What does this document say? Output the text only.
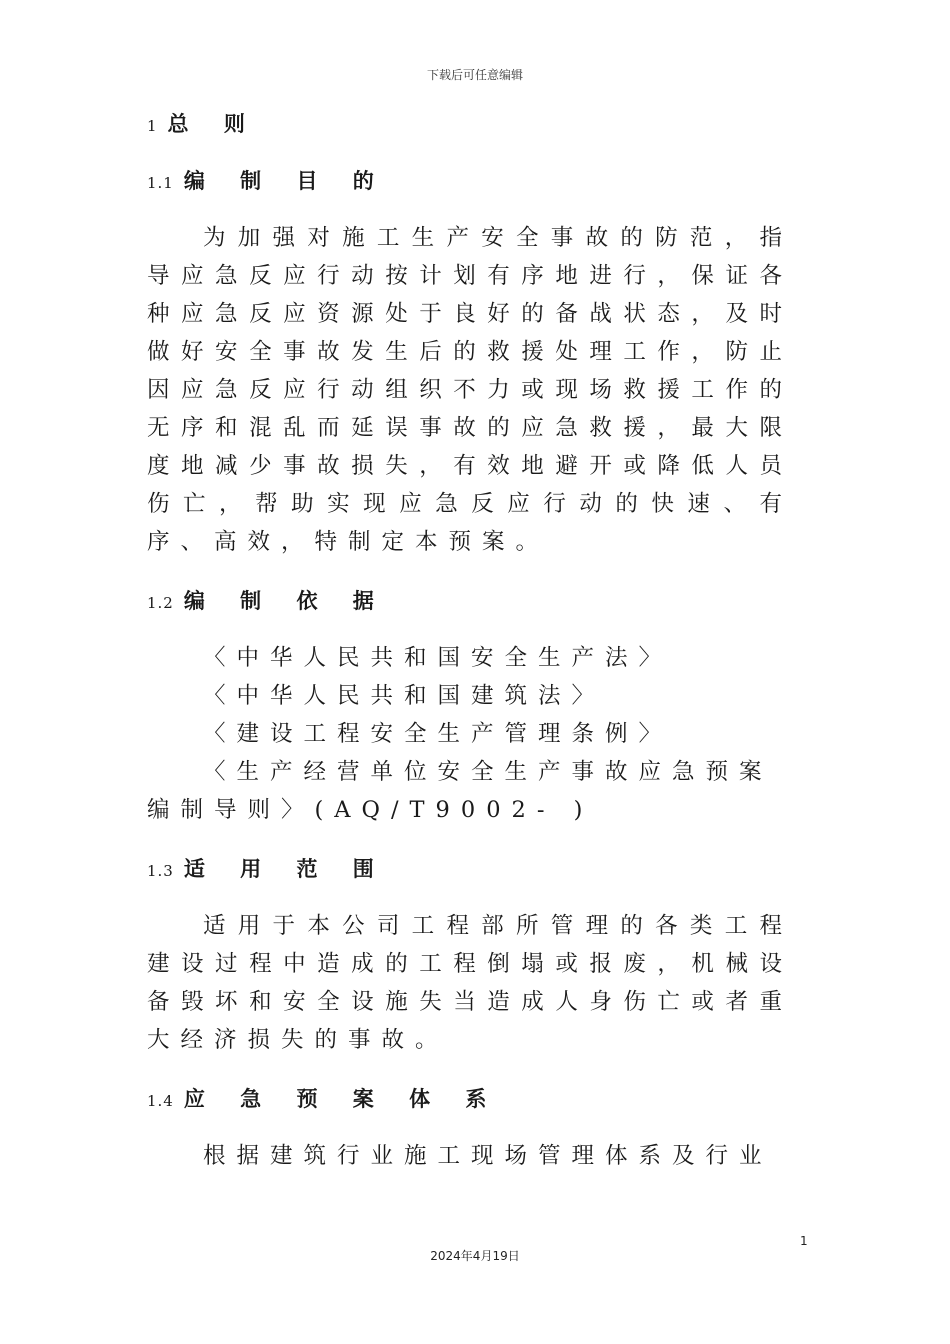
下载后可任意编辑
1 总 则
1.1 编 制 目 的

为加强对施工生产安全事故的防范，指导应急反应行动按计划有序地进行，保证各种应急反应资源处于良好的备战状态，及时做好安全事故发生后的救援处理工作，防止因应急反应行动组织不力或现场救援工作的无序和混乱而延误事故的应急救援，最大限度地减少事故损失，有效地避开或降低人员伤亡，帮助实现应急反应行动的快速、有序、高效，特制定本预案。

1.2 编 制 依 据
〈中华人民共和国安全生产法〉
〈中华人民共和国建筑法〉
〈建设工程安全生产管理条例〉
〈生产经营单位安全生产事故应急预案编制导则〉(AQ/T9002- )
1.3 适 用 范 围

适用于本公司工程部所管理的各类工程建设过程中造成的工程倒塌或报废，机械设备毁坏和安全设施失当造成人身伤亡或者重大经济损失的事故。

1.4 应 急 预 案 体 系

根据建筑行业施工现场管理体系及行业

1
2024年4月19日
